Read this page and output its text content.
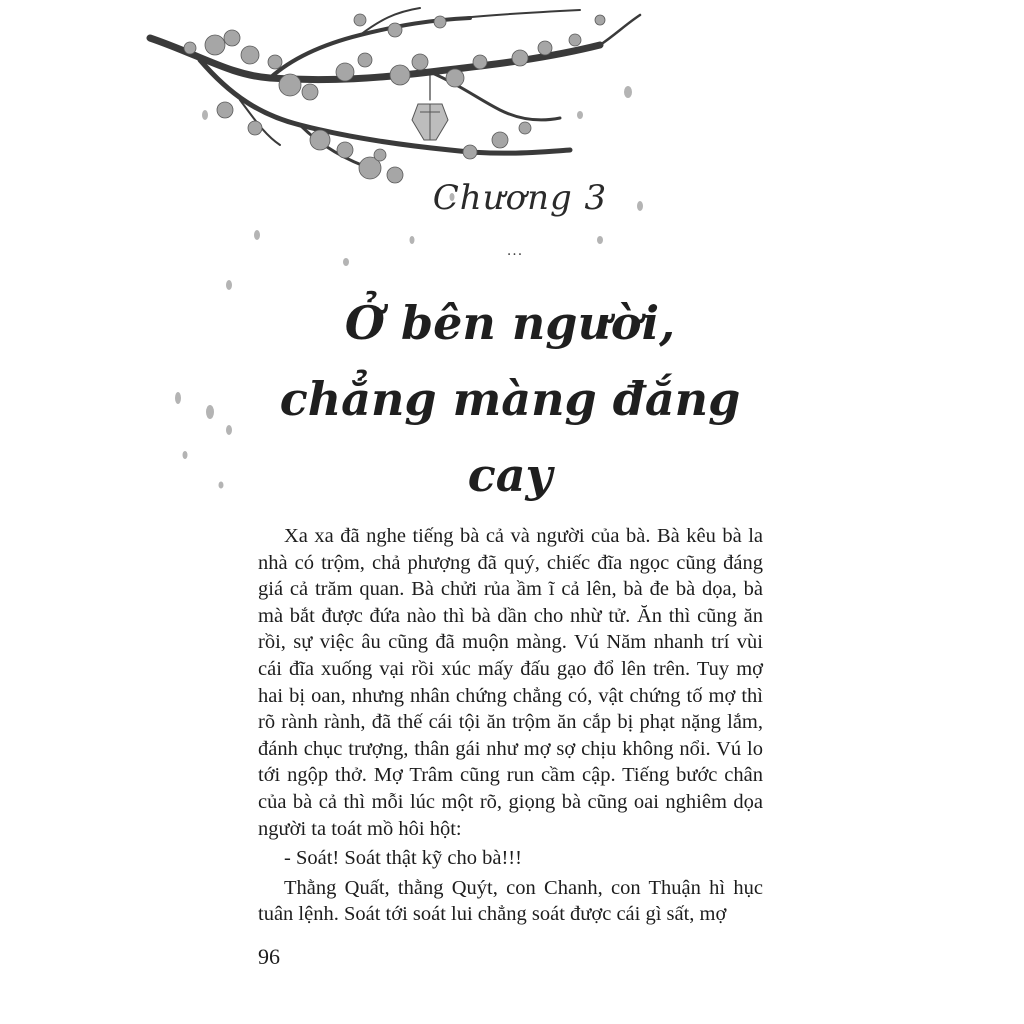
Chương 3
...
Ở bên người,
chẳng màng đắng cay

Xa xa đã nghe tiếng bà cả và người của bà. Bà kêu bà la nhà có trộm, chả phượng đã quý, chiếc đĩa ngọc cũng đáng giá cả trăm quan. Bà chửi rủa ầm ĩ cả lên, bà đe bà dọa, bà mà bắt được đứa nào thì bà dần cho nhừ tử. Ăn thì cũng ăn rồi, sự việc âu cũng đã muộn màng. Vú Năm nhanh trí vùi cái đĩa xuống vại rồi xúc mấy đấu gạo đổ lên trên. Tuy mợ hai bị oan, nhưng nhân chứng chẳng có, vật chứng tố mợ thì rõ rành rành, đã thế cái tội ăn trộm ăn cắp bị phạt nặng lắm, đánh chục trượng, thân gái như mợ sợ chịu không nổi. Vú lo tới ngộp thở. Mợ Trâm cũng run cầm cập. Tiếng bước chân của bà cả thì mỗi lúc một rõ, giọng bà cũng oai nghiêm dọa người ta toát mồ hôi hột:

- Soát! Soát thật kỹ cho bà!!!

Thằng Quất, thằng Quýt, con Chanh, con Thuận hì hục tuân lệnh. Soát tới soát lui chẳng soát được cái gì sất, mợ

96
